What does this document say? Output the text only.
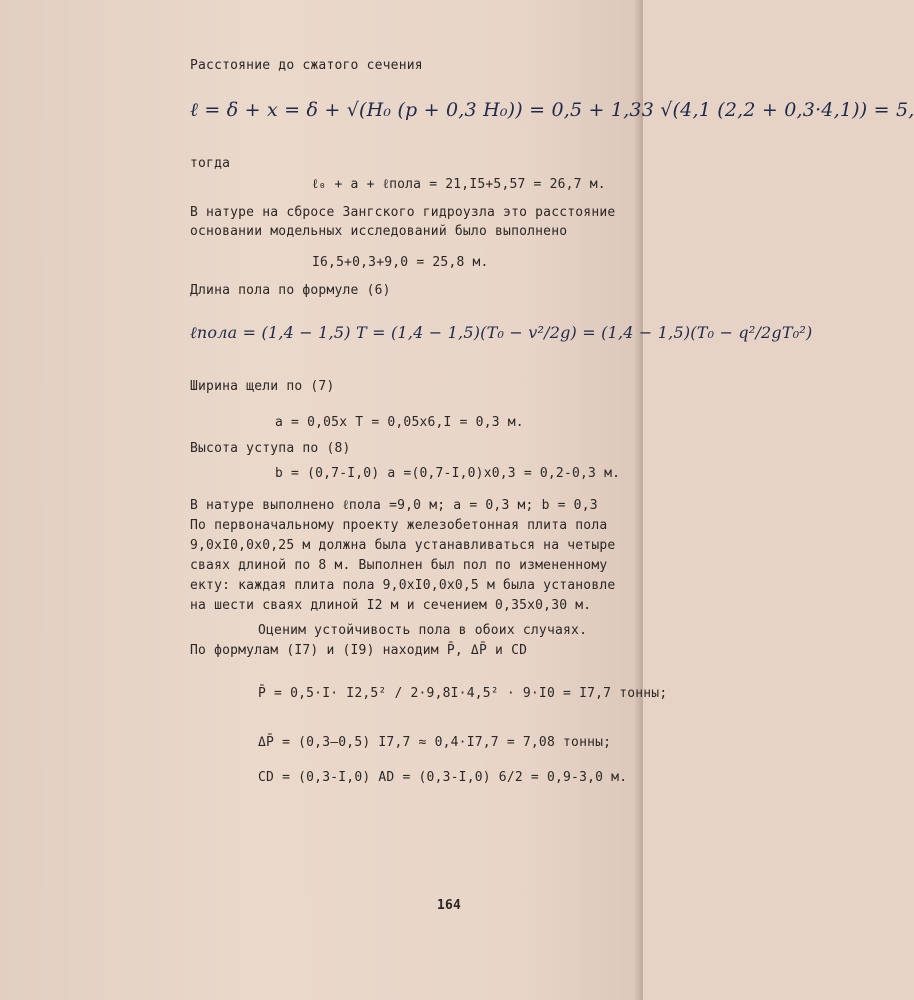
Расстояние до сжатого сечения
ℓ = δ + x = δ + √(H₀ (p + 0,3 H₀)) = 0,5 + 1,33 √(4,1 (2,2 + 0,3·4,1)) = 5,
тогда
ℓ₀ + a + ℓпола = 21,I5+5,57 = 26,7 м.
В натуре на сбросе Зангского гидроузла это расстояние
основании модельных исследований было выполнено
I6,5+0,3+9,0 = 25,8 м.
Длина пола по формуле (6)
ℓпола = (1,4 − 1,5) T = (1,4 − 1,5)(T₀ − v²/2g) = (1,4 − 1,5)(T₀ − q²/2gT₀²)
Ширина щели по (7)
a = 0,05x T = 0,05x6,I = 0,3 м.
Высота уступа по (8)
b = (0,7-I,0) a =(0,7-I,0)x0,3 = 0,2-0,3 м.
В натуре выполнено ℓпола =9,0 м; a = 0,3 м; b = 0,3
По первоначальному проекту железобетонная плита пола
9,0xI0,0x0,25 м должна была устанавливаться на четыре
сваях длиной по 8 м. Выполнен был пол по измененному
екту: каждая плита пола 9,0xI0,0x0,5 м была установле
на шести сваях длиной I2 м и сечением 0,35x0,30 м.
Оценим устойчивость пола в обоих случаях.
По формулам (I7) и (I9) находим P̄, ΔP̄ и CD
P̄ = 0,5·I· I2,5² / 2·9,8I·4,5² · 9·I0 = I7,7 тонны;
ΔP̄ = (0,3–0,5) I7,7 ≈ 0,4·I7,7 = 7,08 тонны;
CD = (0,3-I,0) AD = (0,3-I,0) 6/2 = 0,9-3,0 м.
164
